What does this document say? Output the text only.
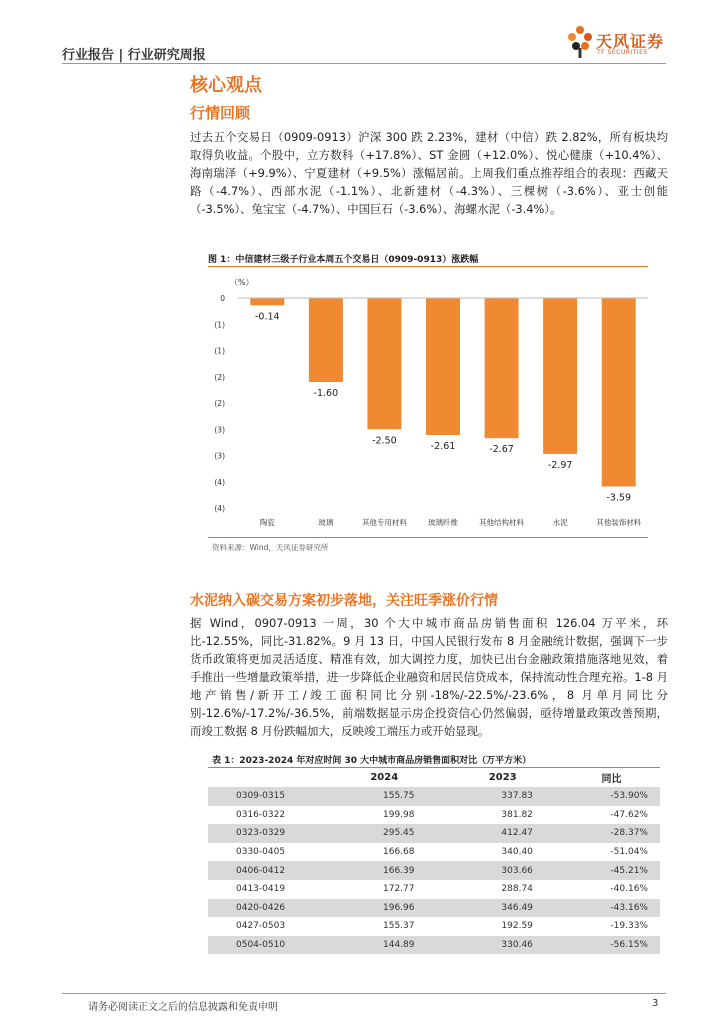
行业报告 | 行业研究周报
天风证券
TF SECURITIES
核心观点
行情回顾

过去五个交易日（0909-0913）沪深 300 跌 2.23%，建材（中信）跌 2.82%，所有板块均取得负收益。个股中，立方数科（+17.8%）、ST 金圆（+12.0%）、悦心健康（+10.4%）、海南瑞泽（+9.9%）、宁夏建材（+9.5%）涨幅居前。上周我们重点推荐组合的表现：西藏天路（-4.7%）、西部水泥（-1.1%）、北新建材（-4.3%）、三棵树（-3.6%）、亚士创能（-3.5%）、兔宝宝（-4.7%）、中国巨石（-3.6%）、海螺水泥（-3.4%）。

图 1：中信建材三级子行业本周五个交易日（0909-0913）涨跌幅
（%）
0
(1)
(1)
(2)
(2)
(3)
(3)
(4)
(4)
-0.14
陶瓷
-1.60
玻璃
-2.50
其他专用材料
-2.61
玻璃纤维
-2.67
其他结构材料
-2.97
水泥
-3.59
其他装饰材料
资料来源：Wind，天风证券研究所
水泥纳入碳交易方案初步落地，关注旺季涨价行情

据 Wind，0907-0913 一周，30 个大中城市商品房销售面积 126.04 万平米，环比-12.55%，同比-31.82%。9 月 13 日，中国人民银行发布 8 月金融统计数据，强调下一步货币政策将更加灵活适度、精准有效，加大调控力度，加快已出台金融政策措施落地见效，着手推出一些增量政策举措，进一步降低企业融资和居民信贷成本，保持流动性合理充裕。1-8 月地产销售/新开工/竣工面积同比分别-18%/-22.5%/-23.6%，8 月单月同比分别-12.6%/-17.2%/-36.5%，前端数据显示房企投资信心仍然偏弱，亟待增量政策改善预期，而竣工数据 8 月份跌幅加大，反映竣工端压力或开始显现。

表 1：2023-2024 年对应时间 30 大中城市商品房销售面积对比（万平方米）
	2024	2023	同比
0309-0315	155.75	337.83	-53.90%
0316-0322	199.98	381.82	-47.62%
0323-0329	295.45	412.47	-28.37%
0330-0405	166.68	340.40	-51.04%
0406-0412	166.39	303.66	-45.21%
0413-0419	172.77	288.74	-40.16%
0420-0426	196.96	346.49	-43.16%
0427-0503	155.37	192.59	-19.33%
0504-0510	144.89	330.46	-56.15%
请务必阅读正文之后的信息披露和免责申明	3
